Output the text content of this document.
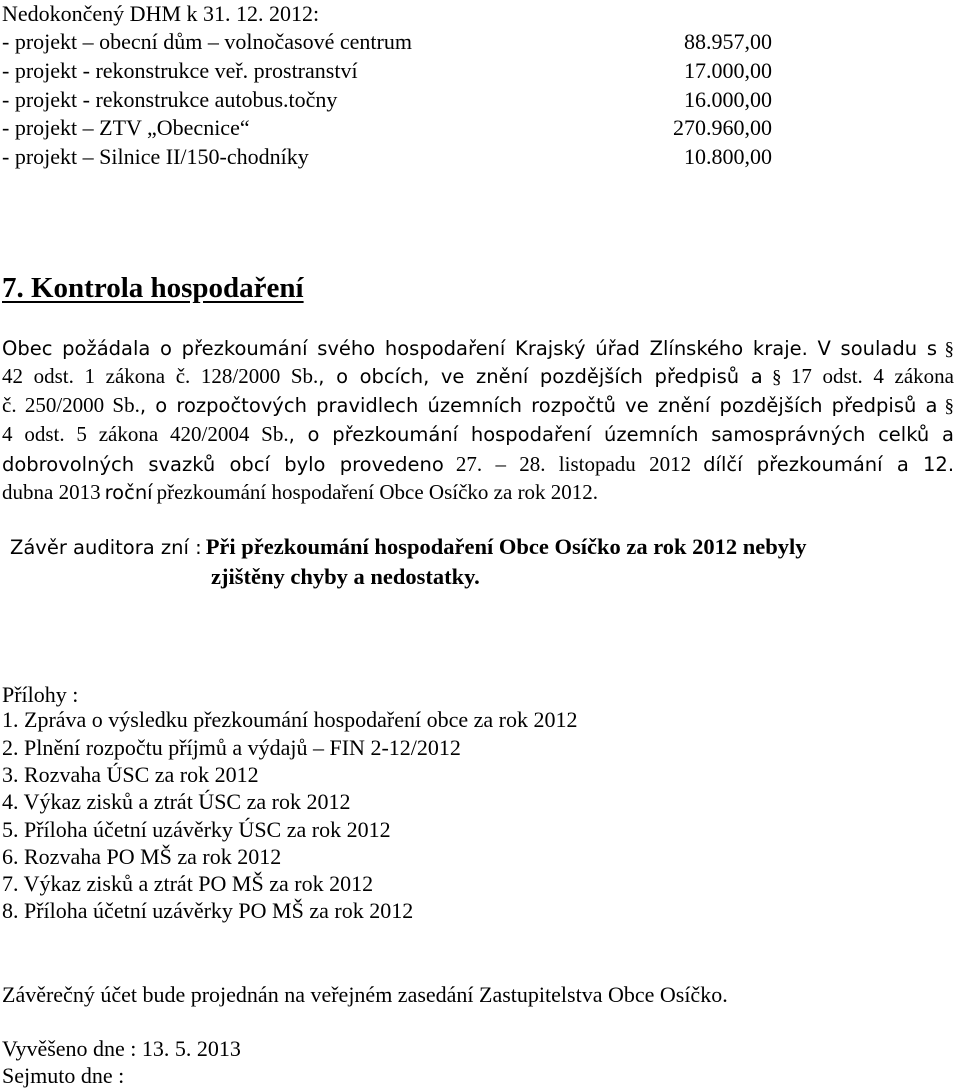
Nedokončený DHM k 31. 12. 2012:
- projekt – obecní dům – volnočasové centrum	88.957,00
- projekt - rekonstrukce veř. prostranství	17.000,00
- projekt - rekonstrukce autobus.točny	16.000,00
- projekt – ZTV „Obecnice“	270.960,00
- projekt – Silnice II/150-chodníky	10.800,00
7. Kontrola hospodaření
Obec požádala o přezkoumání svého hospodaření Krajský úřad Zlínského kraje. V souladu s §
42 odst. 1 zákona č. 128/2000 Sb., o obcích, ve znění pozdějších předpisů a § 17 odst. 4 zákona
č. 250/2000 Sb., o rozpočtových pravidlech územních rozpočtů ve znění pozdějších předpisů a §
4 odst. 5 zákona 420/2004 Sb., o přezkoumání hospodaření územních samosprávných celků a
dobrovolných svazků obcí bylo provedeno 27. – 28. listopadu 2012 dílčí přezkoumání a 12.
dubna 2013 roční přezkoumání hospodaření Obce Osíčko za rok 2012.
Závěr auditora zní : Při přezkoumání hospodaření Obce Osíčko za rok 2012 nebyly
zjištěny chyby a nedostatky.
Přílohy :
1. Zpráva o výsledku přezkoumání hospodaření obce za rok 2012
2. Plnění rozpočtu příjmů a výdajů – FIN 2-12/2012
3. Rozvaha ÚSC za rok 2012
4. Výkaz zisků a ztrát ÚSC za rok 2012
5. Příloha účetní uzávěrky ÚSC za rok 2012
6. Rozvaha PO MŠ za rok 2012
7. Výkaz zisků a ztrát PO MŠ za rok 2012
8. Příloha účetní uzávěrky PO MŠ za rok 2012
Závěrečný účet bude projednán na veřejném zasedání Zastupitelstva Obce Osíčko.
Vyvěšeno dne : 13. 5. 2013
Sejmuto dne :
